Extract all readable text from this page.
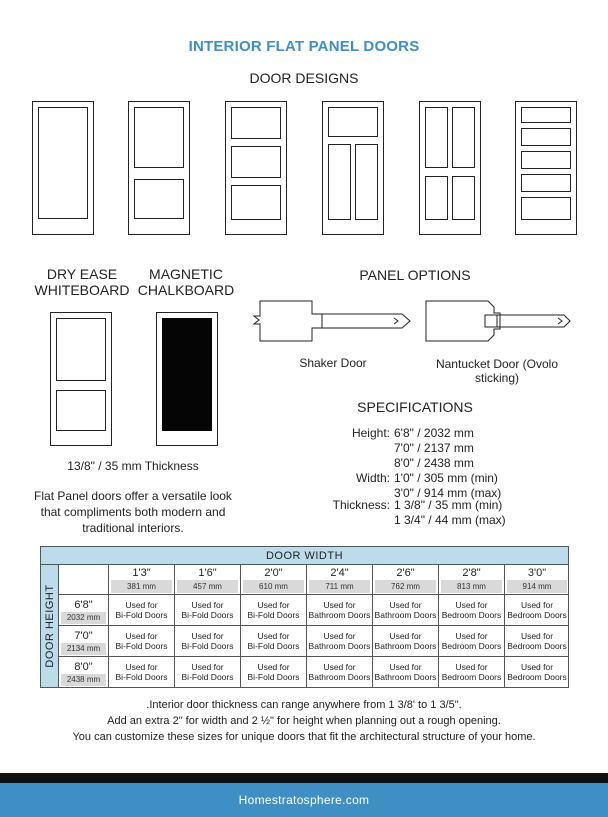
INTERIOR FLAT PANEL DOORS
DOOR DESIGNS
DRY EASE
WHITEBOARD
MAGNETIC
CHALKBOARD
13/8" / 35 mm Thickness
PANEL OPTIONS
Shaker Door	Nantucket Door (Ovolo sticking)
SPECIFICATIONS
Height: 6'8" / 2032 mm
7'0" / 2137 mm
8'0" / 2438 mm
Width: 1'0" / 305 mm (min)
3'0" / 914 mm (max)
Thickness: 1 3/8" / 35 mm (min)
1 3/4" / 44 mm (max)
Flat Panel doors offer a versatile look
that compliments both modern and
traditional interiors.
DOOR WIDTH
DOOR HEIGHT
1'3"
381 mm
1'6"
457 mm
2'0"
610 mm
2'4"
711 mm
2'6"
762 mm
2'8"
813 mm
3'0"
914 mm
6'8"
2032 mm
Used for
Bi-Fold Doors
Used for
Bi-Fold Doors
Used for
Bi-Fold Doors
Used for
Bathroom Doors
Used for
Bathroom Doors
Used for
Bedroom Doors
Used for
Bedroom Doors
7'0"
2134 mm
Used for
Bi-Fold Doors
Used for
Bi-Fold Doors
Used for
Bi-Fold Doors
Used for
Bathroom Doors
Used for
Bathroom Doors
Used for
Bedroom Doors
Used for
Bedroom Doors
8'0"
2438 mm
Used for
Bi-Fold Doors
Used for
Bi-Fold Doors
Used for
Bi-Fold Doors
Used for
Bathroom Doors
Used for
Bathroom Doors
Used for
Bedroom Doors
Used for
Bedroom Doors
.Interior door thickness can range anywhere from 1 3/8' to 1 3/5".
Add an extra 2" for width and 2 ½" for height when planning out a rough opening.
You can customize these sizes for unique doors that fit the architectural structure of your home.
Homestratosphere.com
